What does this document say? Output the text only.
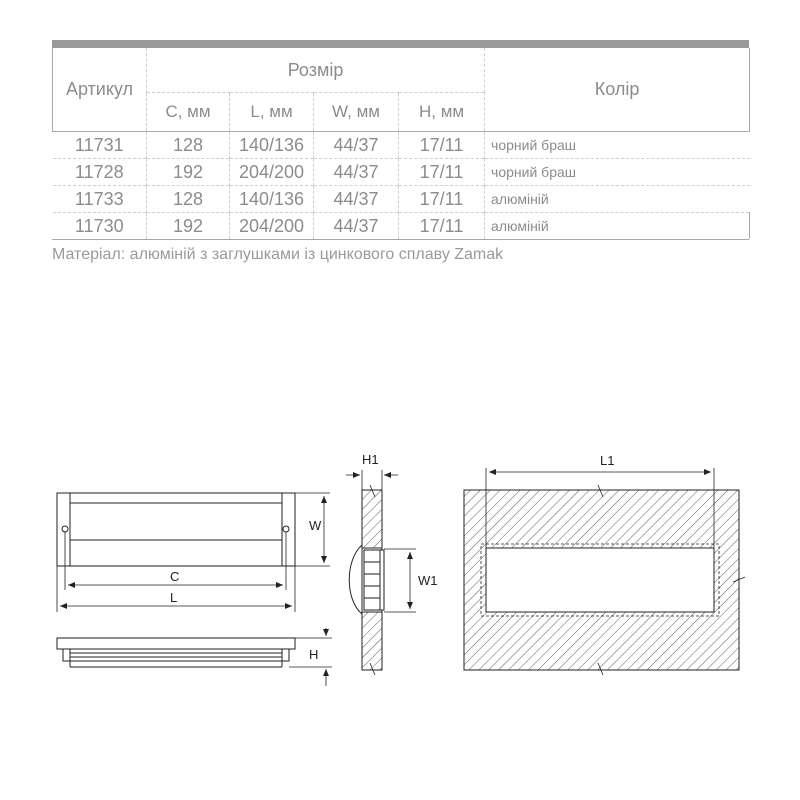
Артикул	Розмір				Колір
	C, мм	L, мм	W, мм	H, мм	
11731	128	140/136	44/37	17/11	чорний браш
11728	192	204/200	44/37	17/11	чорний браш
11733	128	140/136	44/37	17/11	алюміній
11730	192	204/200	44/37	17/11	алюміній
Матеріал: алюміній з заглушками із цинкового сплаву Zamak
W
C
L
H
H1
W1
L1
